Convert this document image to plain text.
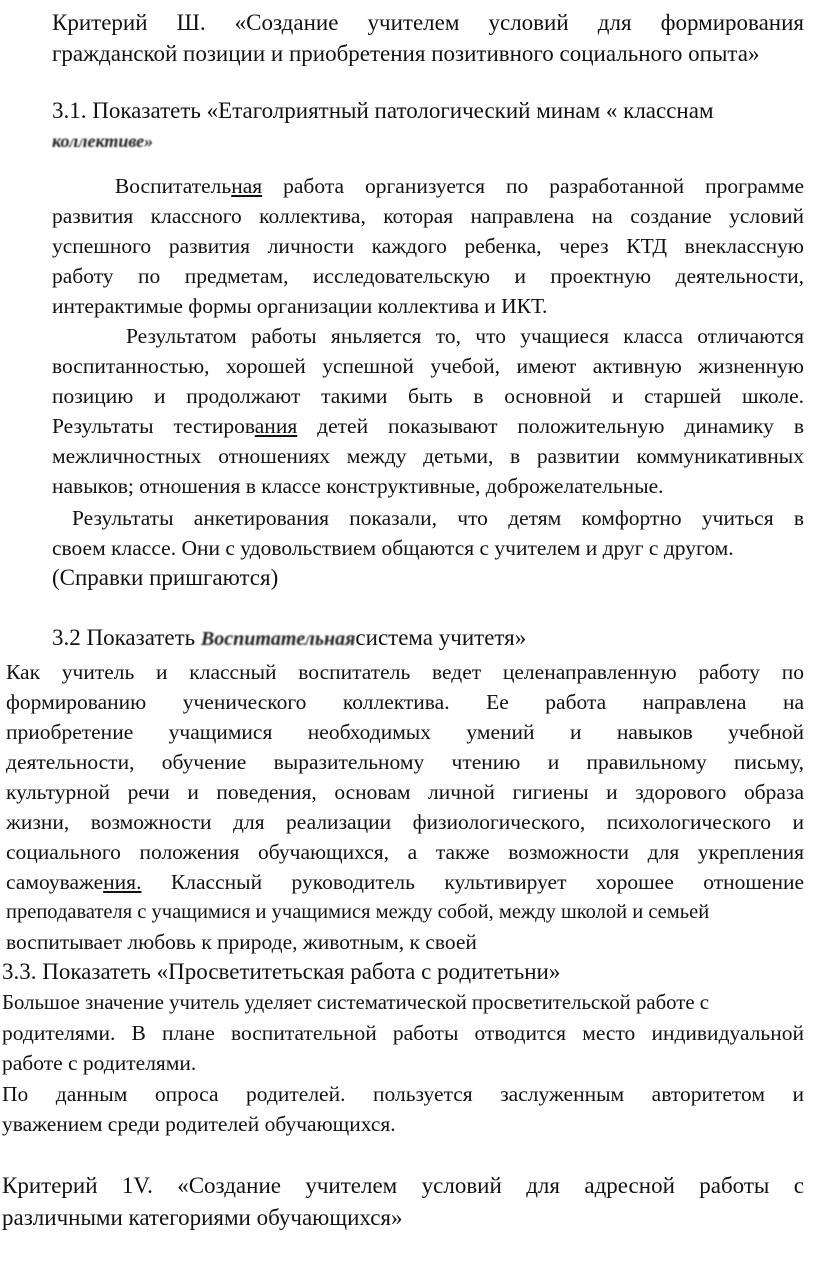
Критерий Ш. «Создание учителем условий для формирования
гражданской позиции и приобретения позитивного социального опыта»
3.1. Показатеть «Етаголриятный патологический минам « класснам
коллективе»
Воспитательная работа организуется по разработанной программе
развития классного коллектива, которая направлена на создание условий
успешного развития личности каждого ребенка, через КТД внеклассную
работу по предметам, исследовательскую и проектную деятельности,
интерактимые формы организации коллектива и ИКТ.
Результатом работы яньляется то, что учащиеся класса отличаются
воспитанностью, хорошей успешной учебой, имеют активную жизненную
позицию и продолжают такими быть в основной и старшей школе.
Результаты тестирования детей показывают положительную динамику в
межличностных отношениях между детьми, в развитии коммуникативных
навыков; отношения в классе конструктивные, доброжелательные.
Результаты анкетирования показали, что детям комфортно учиться в
своем классе. Они с удовольствием общаются с учителем и друг с другом.
(Справки пришгаются)
3.2 Показатеть Воспитательнаясистема учитетя»
Как учитель и классный воспитатель ведет целенаправленную работу по
формированию ученического коллектива. Ее работа направлена на
приобретение учащимися необходимых умений и навыков учебной
деятельности, обучение выразительному чтению и правильному письму,
культурной речи и поведения, основам личной гигиены и здорового образа
жизни, возможности для реализации физиологического, психологического и
социального положения обучающихся, а также возможности для укрепления
самоуважения. Классный руководитель культивирует хорошее отношение
преподавателя с учащимися и учащимися между собой, между школой и семьей
воспитывает любовь к природе, животным, к своей
3.3. Показатеть «Просветитетьская работа с родитетьни»
Большое значение учитель уделяет систематической просветительской работе с
родителями. В плане воспитательной работы отводится место индивидуальной
работе с родителями.
По данным опроса родителей. пользуется заслуженным авторитетом и
уважением среди родителей обучающихся.
Критерий 1V. «Создание учителем условий для адресной работы с
различными категориями обучающихся»
